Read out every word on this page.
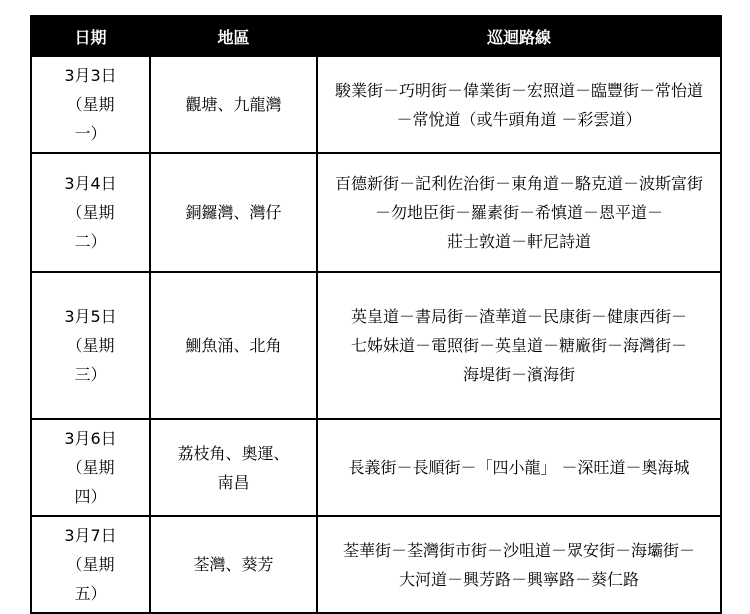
日期	地區	巡迴路線

3月3日
（星期
一）	觀塘、九龍灣	駿業街－巧明街－偉業街－宏照道－臨豐街－常怡道－常悅道（或牛頭角道 －彩雲道）

3月4日
（星期
二）	銅鑼灣、灣仔	百德新街－記利佐治街－東角道－駱克道－波斯富街－勿地臣街－羅素街－希慎道－恩平道－
莊士敦道－軒尼詩道

3月5日
（星期
三）	鰂魚涌、北角	英皇道－書局街－渣華道－民康街－健康西街－
七姊妹道－電照街－英皇道－糖廠街－海灣街－
海堤街－濱海街

3月6日
（星期
四）	荔枝角、奧運、
南昌	長義街－長順街－「四小龍」 －深旺道－奧海城

3月7日
（星期
五）	荃灣、葵芳	荃華街－荃灣街市街－沙咀道－眾安街－海壩街－
大河道－興芳路－興寧路－葵仁路
